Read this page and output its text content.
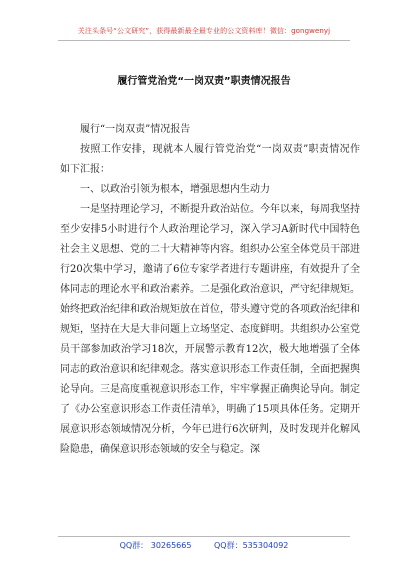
关注头条号“公文研究”，获得最新最全最专业的公文资料库！微信：gongwenyj
履行管党治党“一岗双责”职责情况报告

履行“一岗双责”情况报告

按照工作安排，现就本人履行管党治党“一岗双责”职责情况作如下汇报：

一、以政治引领为根本，增强思想内生动力

一是坚持理论学习，不断提升政治站位。今年以来，每周我坚持至少安排5小时进行个人政治理论学习，深入学习A新时代中国特色社会主义思想、党的二十大精神等内容。组织办公室全体党员干部进行20次集中学习，邀请了6位专家学者进行专题讲座，有效提升了全体同志的理论水平和政治素养。二是强化政治意识，严守纪律规矩。始终把政治纪律和政治规矩放在首位，带头遵守党的各项政治纪律和规矩，坚持在大是大非问题上立场坚定、态度鲜明。共组织办公室党员干部参加政治学习18次，开展警示教育12次，极大地增强了全体同志的政治意识和纪律观念。落实意识形态工作责任制，全面把握舆论导向。三是高度重视意识形态工作，牢牢掌握正确舆论导向。制定了《办公室意识形态工作责任清单》，明确了15项具体任务。定期开展意识形态领域情况分析，今年已进行6次研判，及时发现并化解风险隐患，确保意识形态领域的安全与稳定。深

QQ群： 30265665	QQ群：535304092
